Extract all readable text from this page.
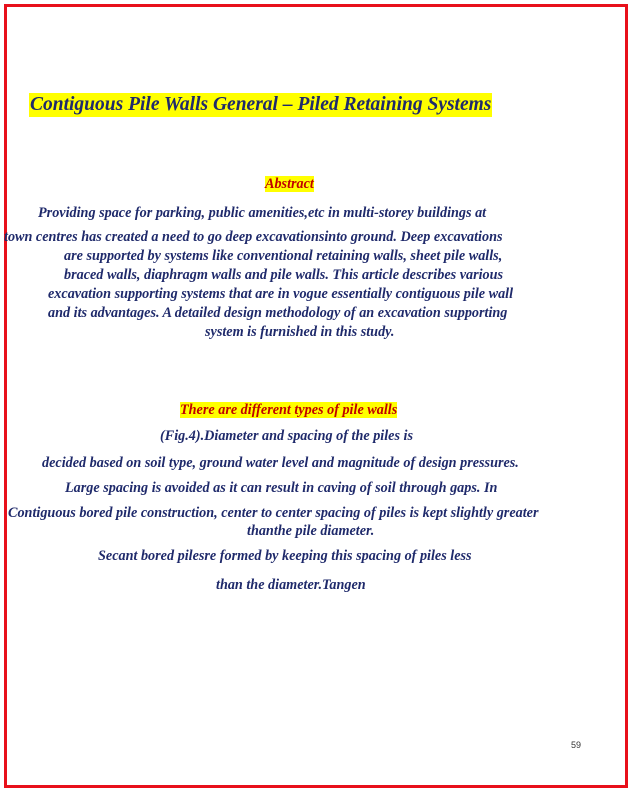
Contiguous Pile Walls General – Piled Retaining Systems
Abstract
Providing space for parking, public amenities,etc in multi-storey buildings at
town centres has created a need to go deep excavationsinto ground. Deep excavations
are supported by systems like conventional retaining walls, sheet pile walls,
braced walls, diaphragm walls and pile walls. This article describes various
excavation supporting systems that are in vogue essentially contiguous pile wall
and its advantages. A detailed design methodology of an excavation supporting
system is furnished in this study.
There are different types of pile walls
(Fig.4).Diameter and spacing of the piles is
decided based on soil type, ground water level and magnitude of design pressures.
Large spacing is avoided as it can result in caving of soil through gaps. In
Contiguous bored pile construction, center to center spacing of piles is kept slightly greater
thanthe pile diameter.
Secant bored pilesre formed by keeping this spacing of piles less
than the diameter.Tangen
59
